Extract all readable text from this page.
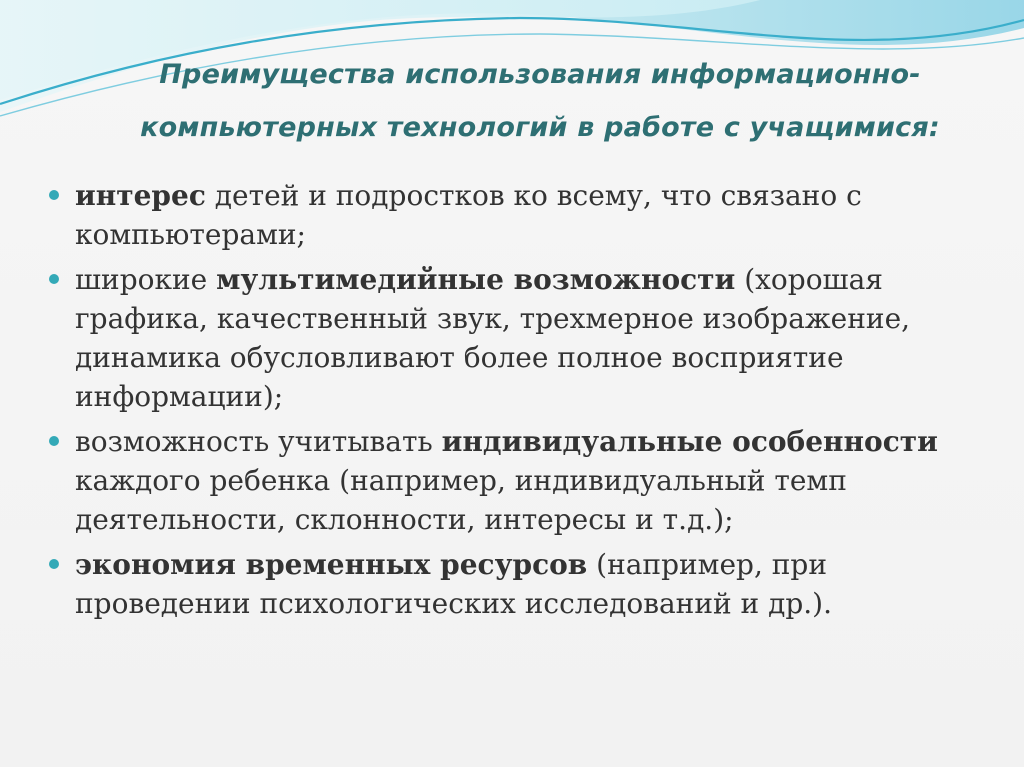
Преимущества использования информационно-
компьютерных технологий в работе с учащимися:
интерес детей и подростков ко всему, что связано с компьютерами;
широкие мультимедийные возможности (хорошая графика, качественный звук, трехмерное изображение, динамика обусловливают более полное восприятие информации);
возможность учитывать индивидуальные особенности каждого ребенка (например, индивидуальный темп деятельности, склонности, интересы и т.д.);
экономия временных ресурсов (например, при проведении психологических исследований и др.).
